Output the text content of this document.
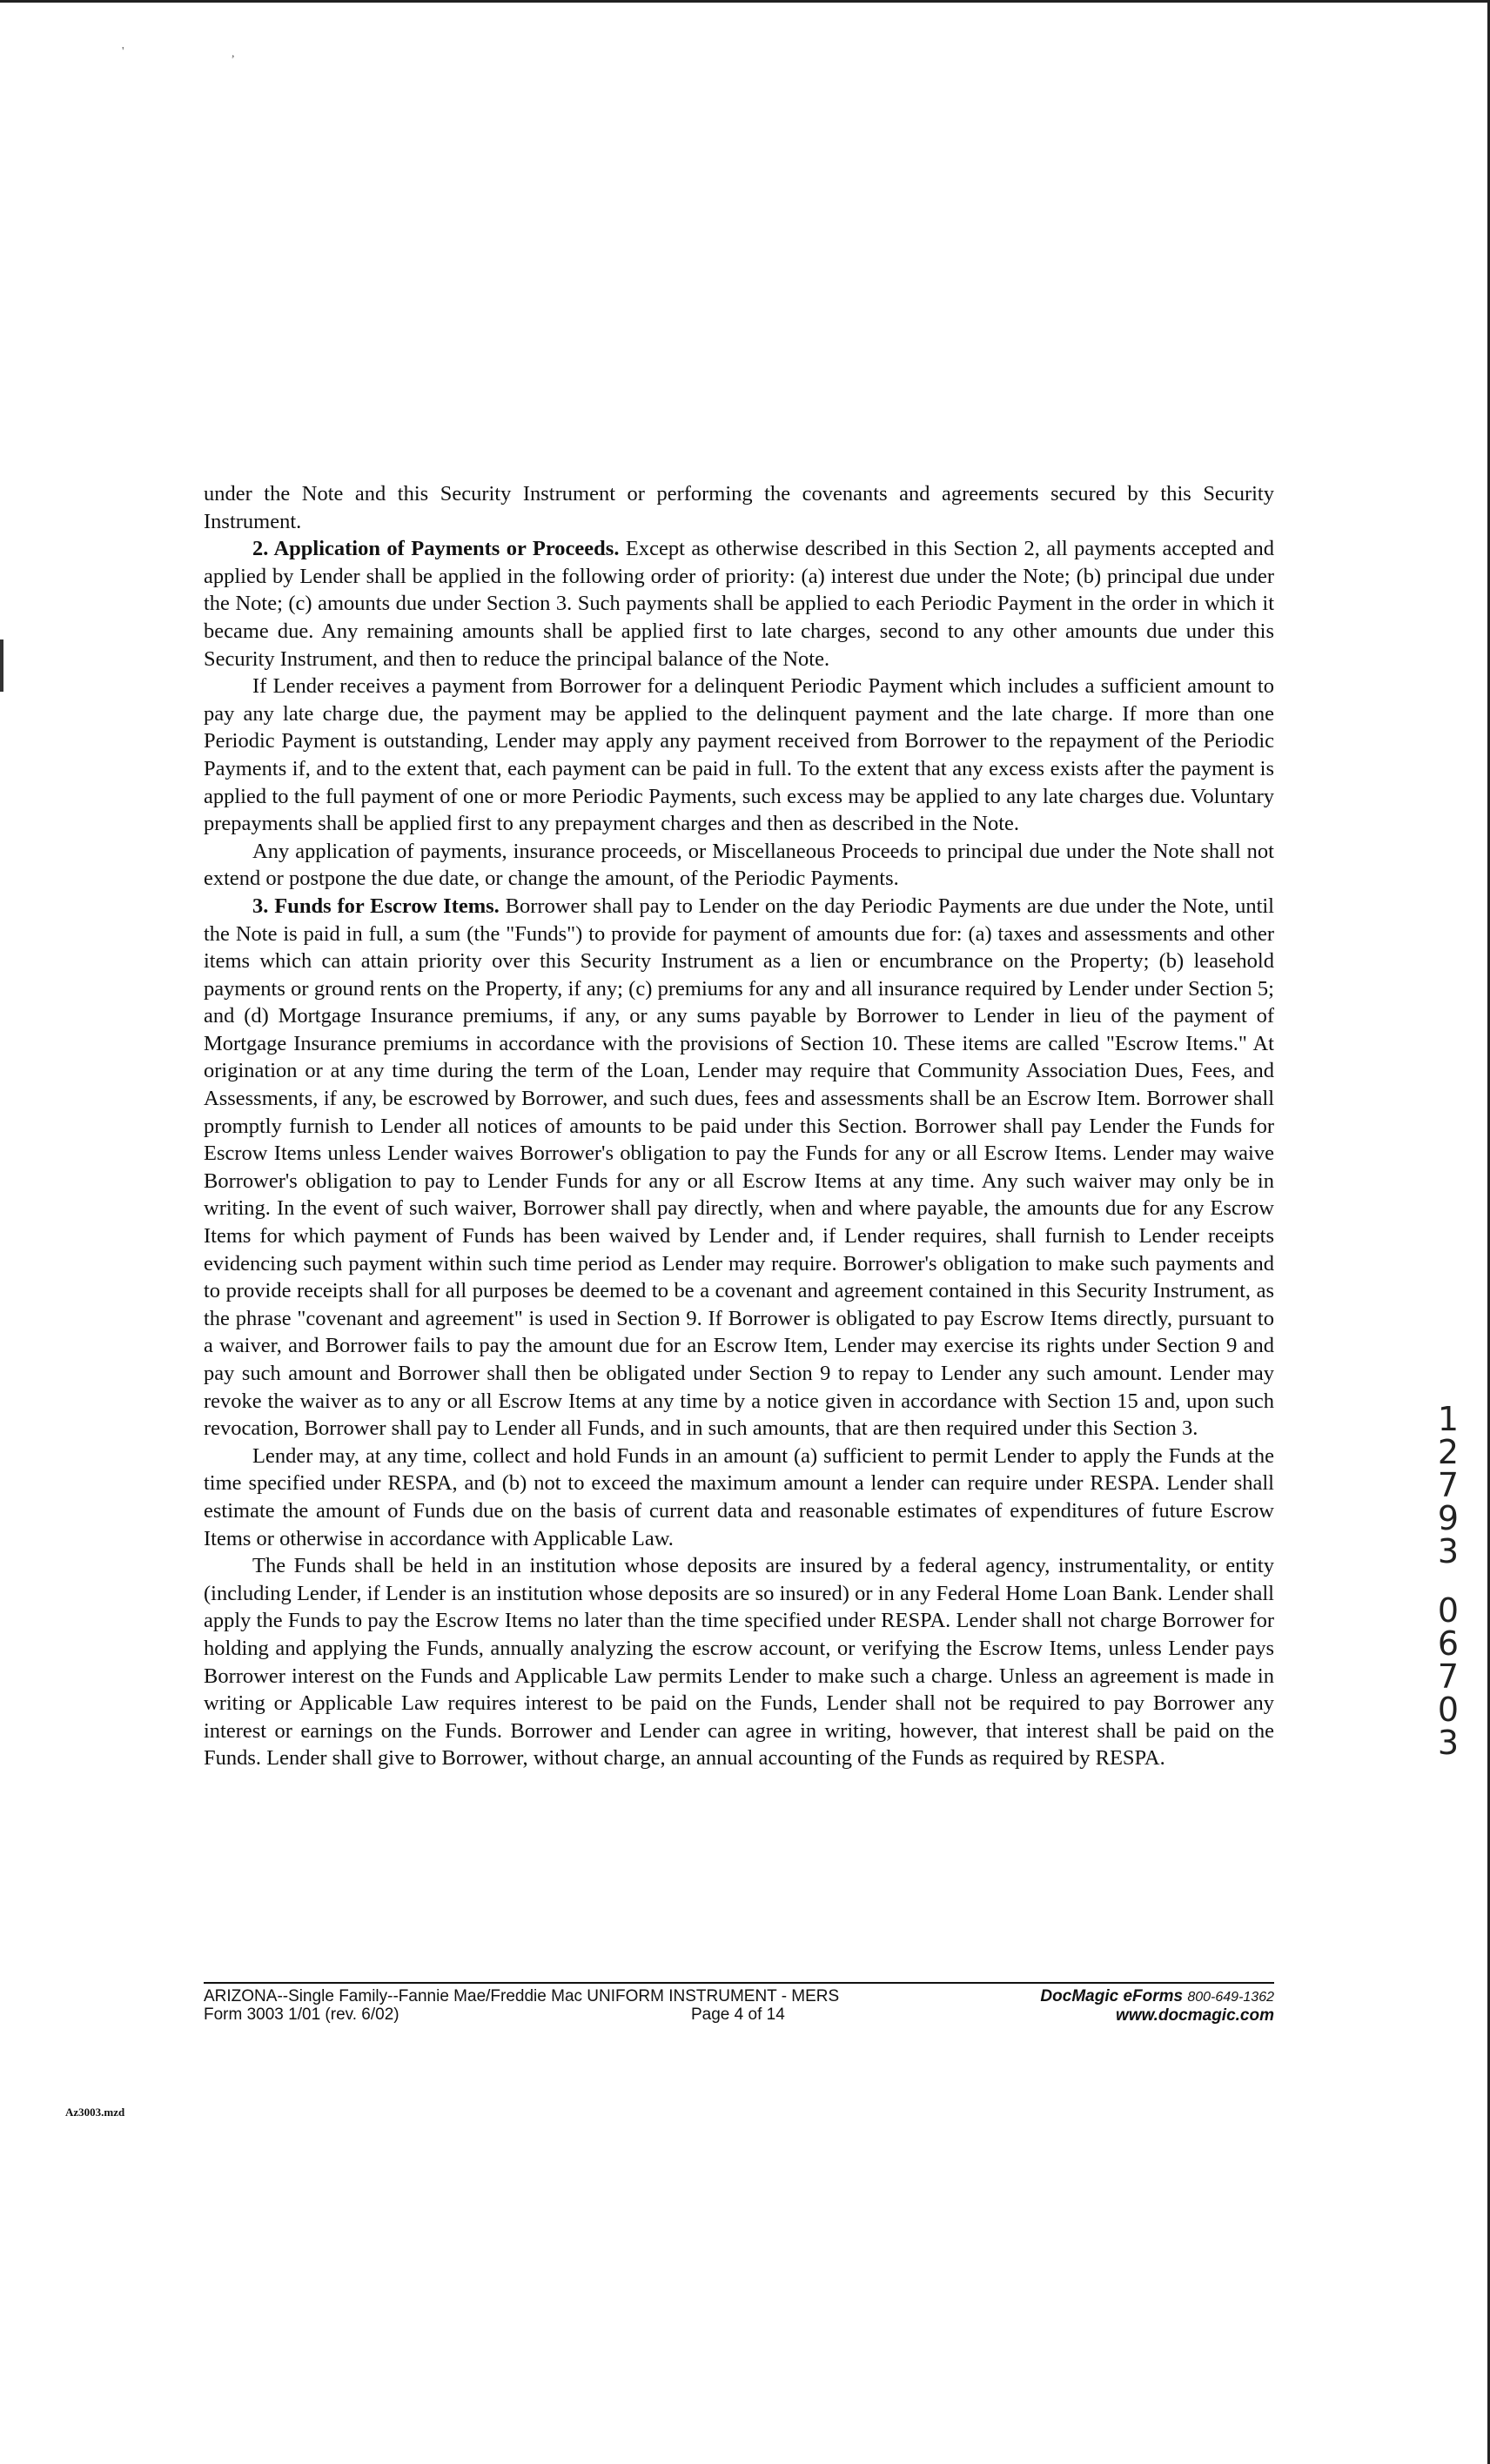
'	,

under the Note and this Security Instrument or performing the covenants and agreements secured by this Security Instrument.

2. Application of Payments or Proceeds. Except as otherwise described in this Section 2, all payments accepted and applied by Lender shall be applied in the following order of priority: (a) interest due under the Note; (b) principal due under the Note; (c) amounts due under Section 3. Such payments shall be applied to each Periodic Payment in the order in which it became due. Any remaining amounts shall be applied first to late charges, second to any other amounts due under this Security Instrument, and then to reduce the principal balance of the Note.

If Lender receives a payment from Borrower for a delinquent Periodic Payment which includes a sufficient amount to pay any late charge due, the payment may be applied to the delinquent payment and the late charge. If more than one Periodic Payment is outstanding, Lender may apply any payment received from Borrower to the repayment of the Periodic Payments if, and to the extent that, each payment can be paid in full. To the extent that any excess exists after the payment is applied to the full payment of one or more Periodic Payments, such excess may be applied to any late charges due. Voluntary prepayments shall be applied first to any prepayment charges and then as described in the Note.

Any application of payments, insurance proceeds, or Miscellaneous Proceeds to principal due under the Note shall not extend or postpone the due date, or change the amount, of the Periodic Payments.

3. Funds for Escrow Items. Borrower shall pay to Lender on the day Periodic Payments are due under the Note, until the Note is paid in full, a sum (the "Funds") to provide for payment of amounts due for: (a) taxes and assessments and other items which can attain priority over this Security Instrument as a lien or encumbrance on the Property; (b) leasehold payments or ground rents on the Property, if any; (c) premiums for any and all insurance required by Lender under Section 5; and (d) Mortgage Insurance premiums, if any, or any sums payable by Borrower to Lender in lieu of the payment of Mortgage Insurance premiums in accordance with the provisions of Section 10. These items are called "Escrow Items." At origination or at any time during the term of the Loan, Lender may require that Community Association Dues, Fees, and Assessments, if any, be escrowed by Borrower, and such dues, fees and assessments shall be an Escrow Item. Borrower shall promptly furnish to Lender all notices of amounts to be paid under this Section. Borrower shall pay Lender the Funds for Escrow Items unless Lender waives Borrower's obligation to pay the Funds for any or all Escrow Items. Lender may waive Borrower's obligation to pay to Lender Funds for any or all Escrow Items at any time. Any such waiver may only be in writing. In the event of such waiver, Borrower shall pay directly, when and where payable, the amounts due for any Escrow Items for which payment of Funds has been waived by Lender and, if Lender requires, shall furnish to Lender receipts evidencing such payment within such time period as Lender may require. Borrower's obligation to make such payments and to provide receipts shall for all purposes be deemed to be a covenant and agreement contained in this Security Instrument, as the phrase "covenant and agreement" is used in Section 9. If Borrower is obligated to pay Escrow Items directly, pursuant to a waiver, and Borrower fails to pay the amount due for an Escrow Item, Lender may exercise its rights under Section 9 and pay such amount and Borrower shall then be obligated under Section 9 to repay to Lender any such amount. Lender may revoke the waiver as to any or all Escrow Items at any time by a notice given in accordance with Section 15 and, upon such revocation, Borrower shall pay to Lender all Funds, and in such amounts, that are then required under this Section 3.

Lender may, at any time, collect and hold Funds in an amount (a) sufficient to permit Lender to apply the Funds at the time specified under RESPA, and (b) not to exceed the maximum amount a lender can require under RESPA. Lender shall estimate the amount of Funds due on the basis of current data and reasonable estimates of expenditures of future Escrow Items or otherwise in accordance with Applicable Law.

The Funds shall be held in an institution whose deposits are insured by a federal agency, instrumentality, or entity (including Lender, if Lender is an institution whose deposits are so insured) or in any Federal Home Loan Bank. Lender shall apply the Funds to pay the Escrow Items no later than the time specified under RESPA. Lender shall not charge Borrower for holding and applying the Funds, annually analyzing the escrow account, or verifying the Escrow Items, unless Lender pays Borrower interest on the Funds and Applicable Law permits Lender to make such a charge. Unless an agreement is made in writing or Applicable Law requires interest to be paid on the Funds, Lender shall not be required to pay Borrower any interest or earnings on the Funds. Borrower and Lender can agree in writing, however, that interest shall be paid on the Funds. Lender shall give to Borrower, without charge, an annual accounting of the Funds as required by RESPA.

1
2
7
9
3
0
6
7
0
3
ARIZONA--Single Family--Fannie Mae/Freddie Mac UNIFORM INSTRUMENT - MERS
Form 3003 1/01 (rev. 6/02)
DocMagic eForms 800-649-1362
www.docmagic.com
Page 4 of 14
Az3003.mzd
